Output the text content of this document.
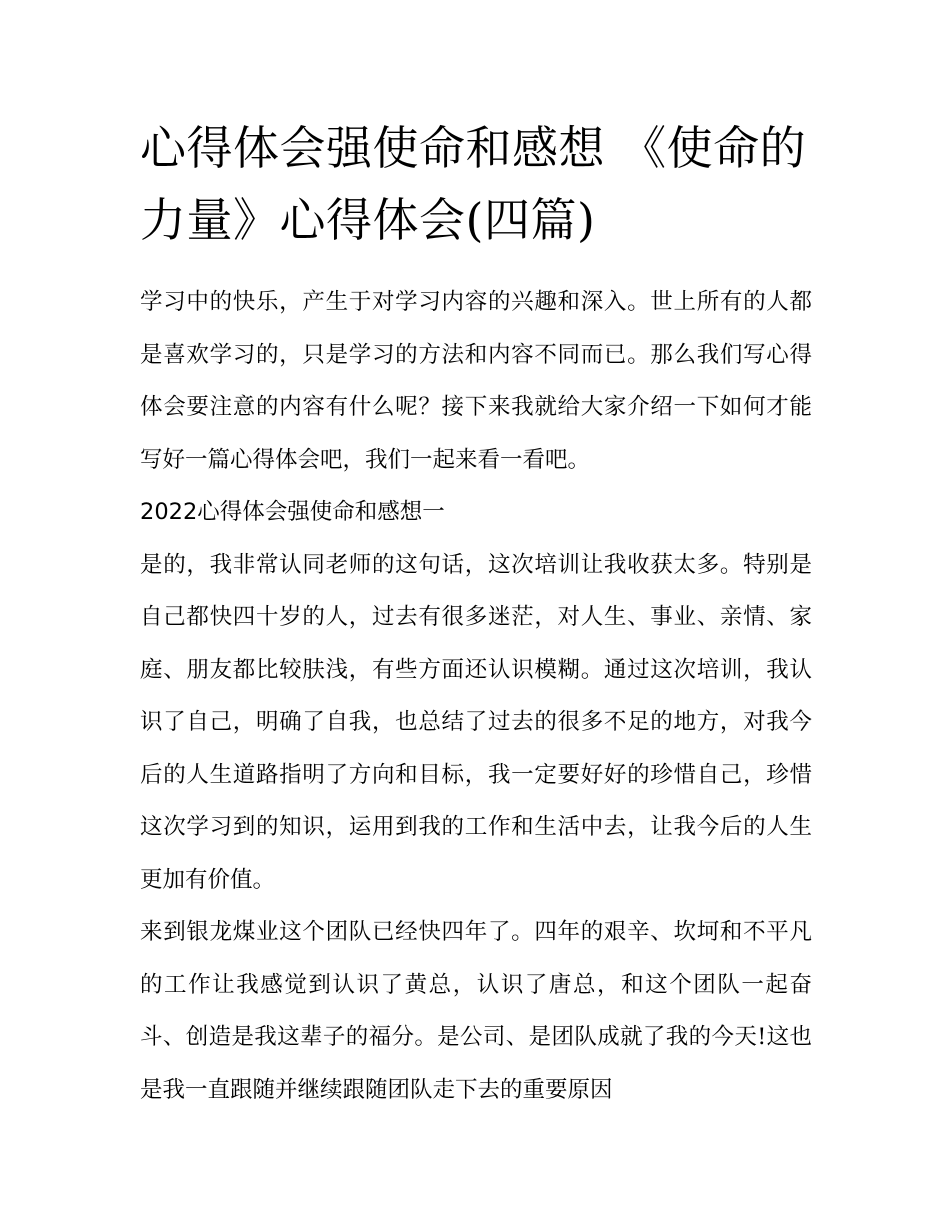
心得体会强使命和感想 《使命的力量》心得体会(四篇)

学习中的快乐，产生于对学习内容的兴趣和深入。世上所有的人都是喜欢学习的，只是学习的方法和内容不同而已。那么我们写心得体会要注意的内容有什么呢？接下来我就给大家介绍一下如何才能写好一篇心得体会吧，我们一起来看一看吧。

2022心得体会强使命和感想一

是的，我非常认同老师的这句话，这次培训让我收获太多。特别是自己都快四十岁的人，过去有很多迷茫，对人生、事业、亲情、家庭、朋友都比较肤浅，有些方面还认识模糊。通过这次培训，我认识了自己，明确了自我，也总结了过去的很多不足的地方，对我今后的人生道路指明了方向和目标，我一定要好好的珍惜自己，珍惜这次学习到的知识，运用到我的工作和生活中去，让我今后的人生更加有价值。

来到银龙煤业这个团队已经快四年了。四年的艰辛、坎坷和不平凡的工作让我感觉到认识了黄总，认识了唐总，和这个团队一起奋斗、创造是我这辈子的福分。是公司、是团队成就了我的今天!这也是我一直跟随并继续跟随团队走下去的重要原因
